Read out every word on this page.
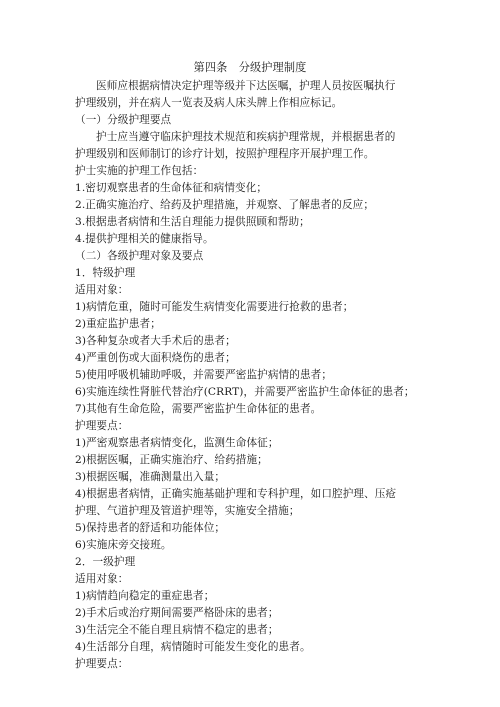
第四条　分级护理制度
医师应根据病情决定护理等级并下达医嘱，护理人员按医嘱执行
护理级别，并在病人一览表及病人床头牌上作相应标记。
（一）分级护理要点
护士应当遵守临床护理技术规范和疾病护理常规，并根据患者的
护理级别和医师制订的诊疗计划，按照护理程序开展护理工作。
护士实施的护理工作包括：
1.密切观察患者的生命体征和病情变化；
2.正确实施治疗、给药及护理措施，并观察、了解患者的反应；
3.根据患者病情和生活自理能力提供照顾和帮助；
4.提供护理相关的健康指导。
（二）各级护理对象及要点
1．特级护理
适用对象：
1)病情危重，随时可能发生病情变化需要进行抢救的患者；
2)重症监护患者；
3)各种复杂或者大手术后的患者；
4)严重创伤或大面积烧伤的患者；
5)使用呼吸机辅助呼吸，并需要严密监护病情的患者；
6)实施连续性肾脏代替治疗(CRRT)，并需要严密监护生命体征的患者；
7)其他有生命危险，需要严密监护生命体征的患者。
护理要点：
1)严密观察患者病情变化，监测生命体征；
2)根据医嘱，正确实施治疗、给药措施；
3)根据医嘱，准确测量出入量；
4)根据患者病情，正确实施基础护理和专科护理，如口腔护理、压疮
护理、气道护理及管道护理等，实施安全措施；
5)保持患者的舒适和功能体位；
6)实施床旁交接班。
2．一级护理
适用对象：
1)病情趋向稳定的重症患者；
2)手术后或治疗期间需要严格卧床的患者；
3)生活完全不能自理且病情不稳定的患者；
4)生活部分自理，病情随时可能发生变化的患者。
护理要点：
